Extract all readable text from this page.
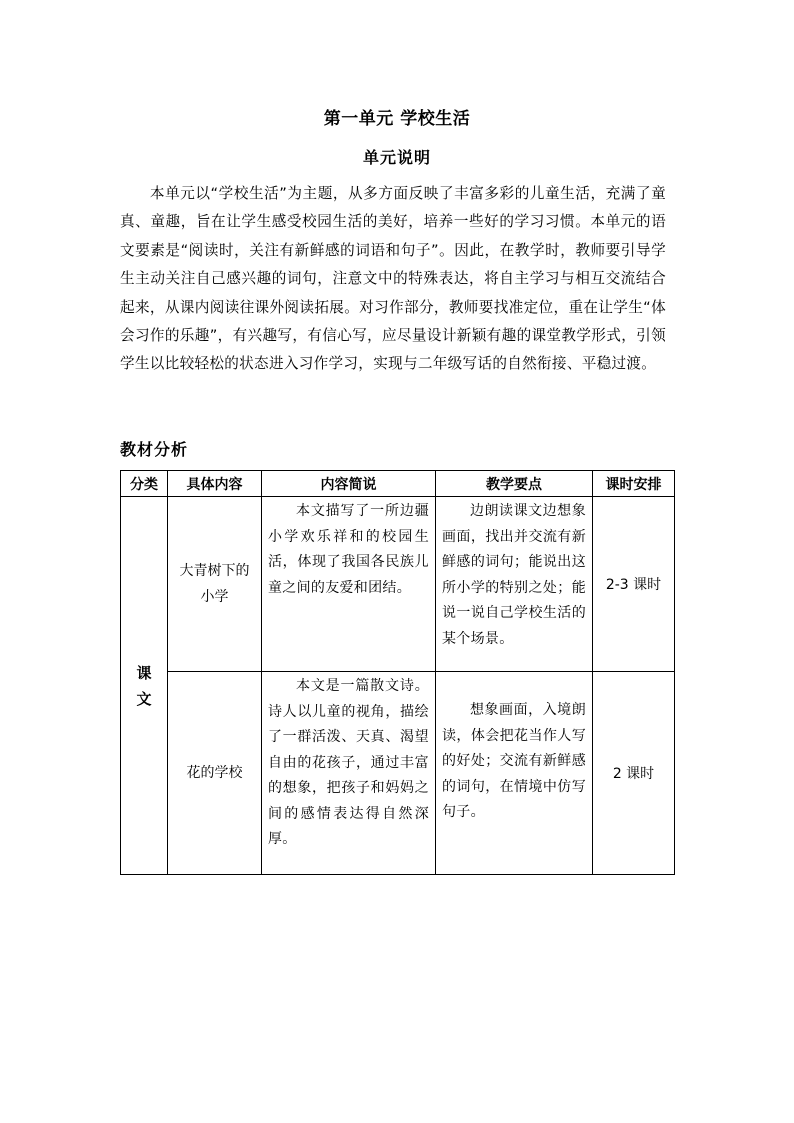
第一单元 学校生活
单元说明

本单元以“学校生活”为主题，从多方面反映了丰富多彩的儿童生活，充满了童真、童趣，旨在让学生感受校园生活的美好，培养一些好的学习习惯。本单元的语文要素是“阅读时，关注有新鲜感的词语和句子”。因此，在教学时，教师要引导学生主动关注自己感兴趣的词句，注意文中的特殊表达，将自主学习与相互交流结合起来，从课内阅读往课外阅读拓展。对习作部分，教师要找准定位，重在让学生“体会习作的乐趣”，有兴趣写，有信心写，应尽量设计新颖有趣的课堂教学形式，引领学生以比较轻松的状态进入习作学习，实现与二年级写话的自然衔接、平稳过渡。

教材分析
分类	具体内容	内容简说	教学要点	课时安排
课文	大青树下的小学	本文描写了一所边疆小学欢乐祥和的校园生活，体现了我国各民族儿童之间的友爱和团结。	边朗读课文边想象画面，找出并交流有新鲜感的词句；能说出这所小学的特别之处；能说一说自己学校生活的某个场景。	2-3 课时
	花的学校	本文是一篇散文诗。诗人以儿童的视角，描绘了一群活泼、天真、渴望自由的花孩子，通过丰富的想象，把孩子和妈妈之间的感情表达得自然深厚。	想象画面，入境朗读，体会把花当作人写的好处；交流有新鲜感的词句，在情境中仿写句子。	2 课时
